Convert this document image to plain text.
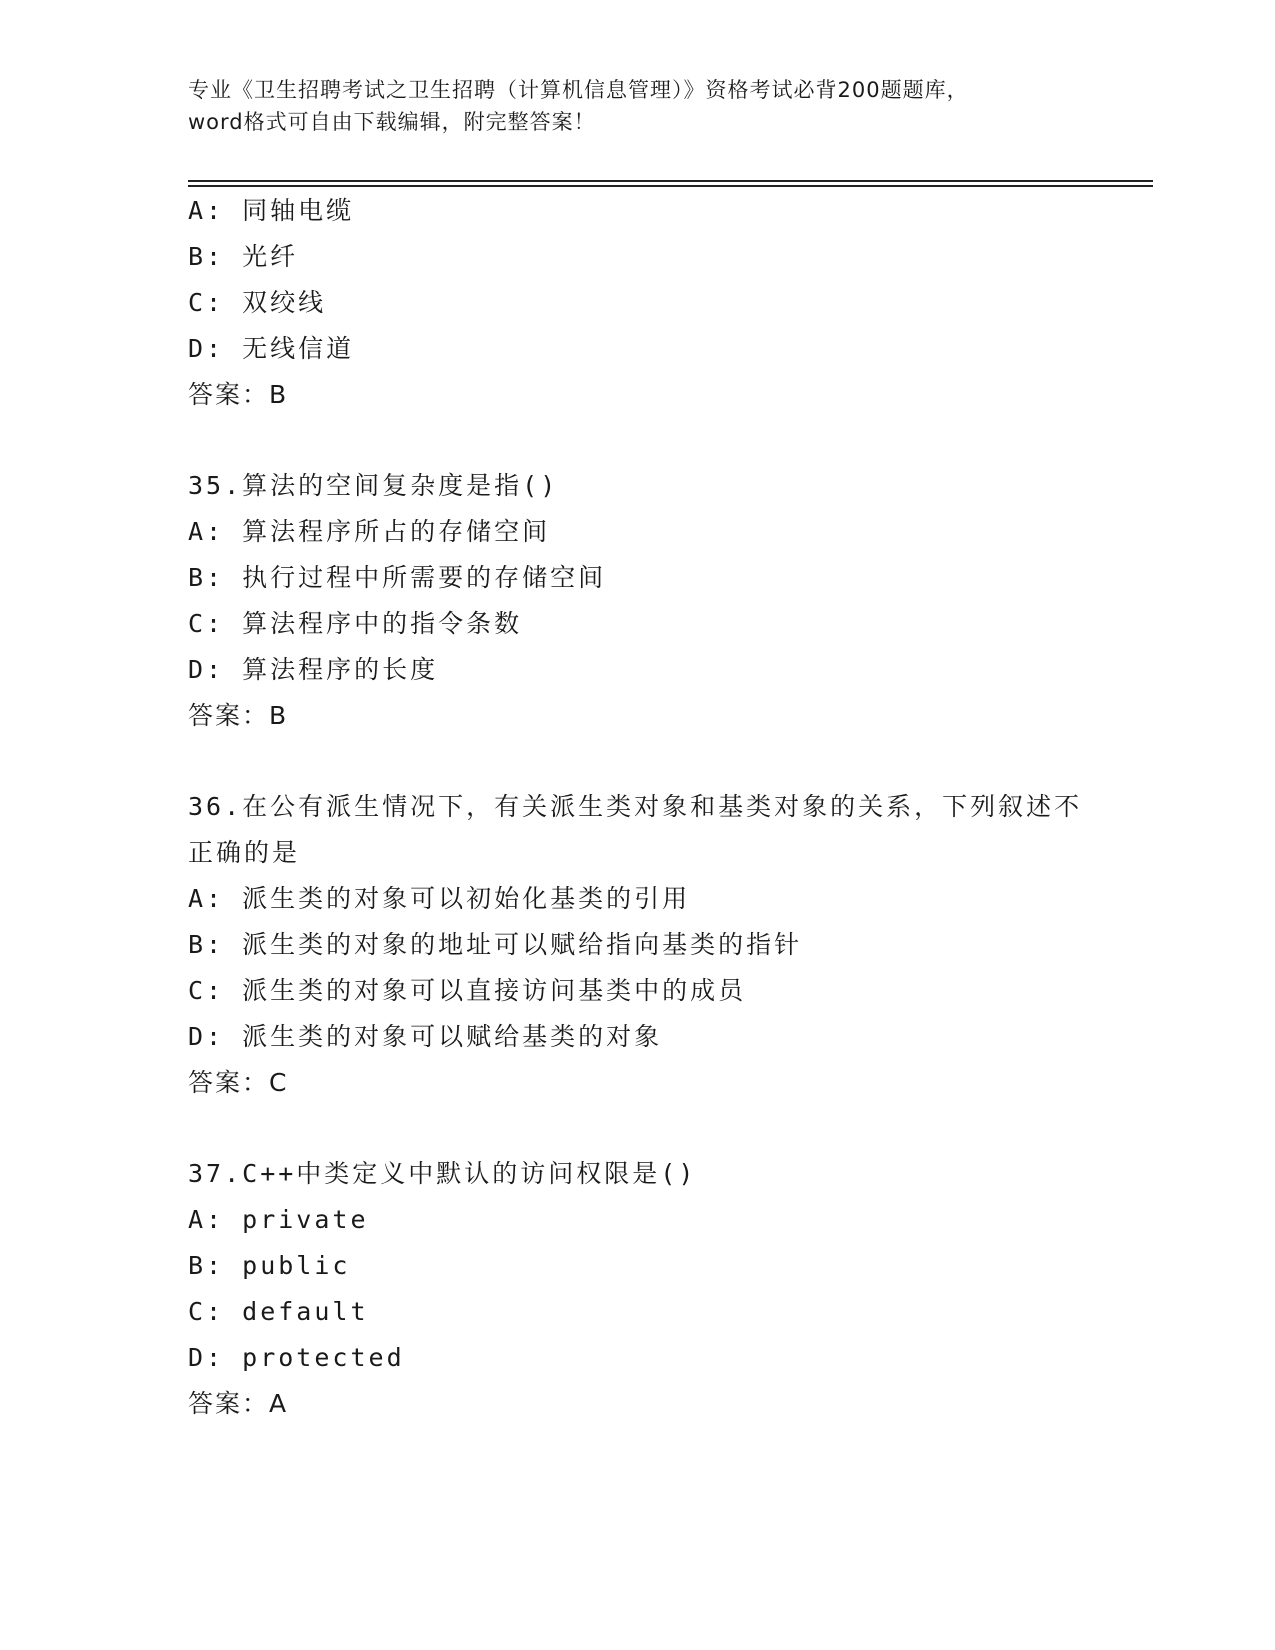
专业《卫生招聘考试之卫生招聘（计算机信息管理）》资格考试必背200题题库，
word格式可自由下载编辑，附完整答案！
A: 同轴电缆
B: 光纤
C: 双绞线
D: 无线信道
答案：B
35.算法的空间复杂度是指()
A: 算法程序所占的存储空间
B: 执行过程中所需要的存储空间
C: 算法程序中的指令条数
D: 算法程序的长度
答案：B
36.在公有派生情况下，有关派生类对象和基类对象的关系，下列叙述不正确的是
A: 派生类的对象可以初始化基类的引用
B: 派生类的对象的地址可以赋给指向基类的指针
C: 派生类的对象可以直接访问基类中的成员
D: 派生类的对象可以赋给基类的对象
答案：C
37.C++中类定义中默认的访问权限是()
A: private
B: public
C: default
D: protected
答案：A
